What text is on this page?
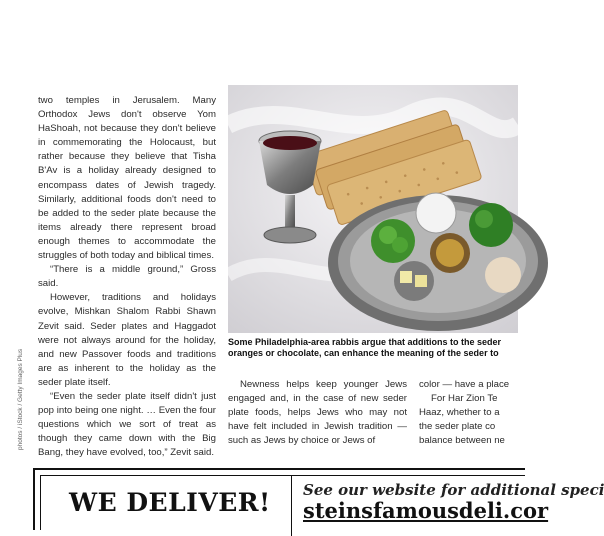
two temples in Jerusalem. Many Orthodox Jews don't observe Yom HaShoah, not because they don't believe in commemorating the Holocaust, but rather because they believe that Tisha B'Av is a holiday already designed to encompass dates of Jewish tragedy. Similarly, additional foods don't need to be added to the seder plate because the items already there represent broad enough themes to accommodate the struggles of both today and biblical times.

“There is a middle ground,” Gross said.

However, traditions and holidays evolve, Mishkan Shalom Rabbi Shawn Zevit said. Seder plates and Haggadot were not always around for the holiday, and new Passover foods and traditions are as inherent to the holiday as the seder plate itself.

“Even the seder plate itself didn't just pop into being one night. … Even the four questions which we sort of treat as though they came down with the Big Bang, they have evolved, too,” Zevit said.

photos / iStock / Getty Images Plus
Some Philadelphia-area rabbis argue that additions to the seder
oranges or chocolate, can enhance the meaning of the seder to

Newness helps keep younger Jews engaged and, in the case of new seder plate foods, helps Jews who may not have felt included in Jewish tradition — such as Jews by choice or Jews of

color — have a place
For Har Zion Te
Haaz, whether to a
the seder plate co
balance between ne
WE DELIVER! See our website for additional speci
steinsfamousdeli.cor
